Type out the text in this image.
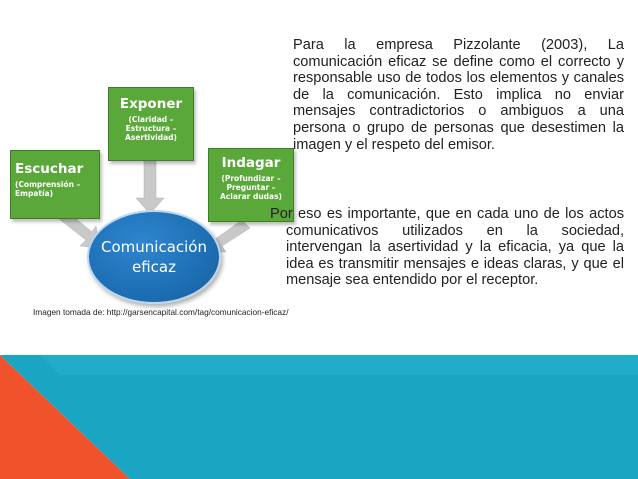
Exponer
(Claridad –
Estructura –
Asertividad)
Escuchar
(Comprensión –
Empatía)
Indagar
(Profundizar –
Preguntar –
Aclarar dudas)
Comunicación
eficaz
Imagen tomada de: http://garsencapital.com/tag/comunicacion-eficaz/
Para la empresa Pizzolante (2003), La comunicación eficaz se define como el correcto y responsable uso de todos los elementos y canales de la comunicación. Esto implica no enviar mensajes contradictorios o ambiguos a una persona o grupo de personas que desestimen la imagen y el respeto del emisor.
Por eso es importante, que en cada uno de los actos comunicativos utilizados en la sociedad, intervengan la asertividad y la eficacia, ya que la idea es transmitir mensajes e ideas claras, y que el mensaje sea entendido por el receptor.
